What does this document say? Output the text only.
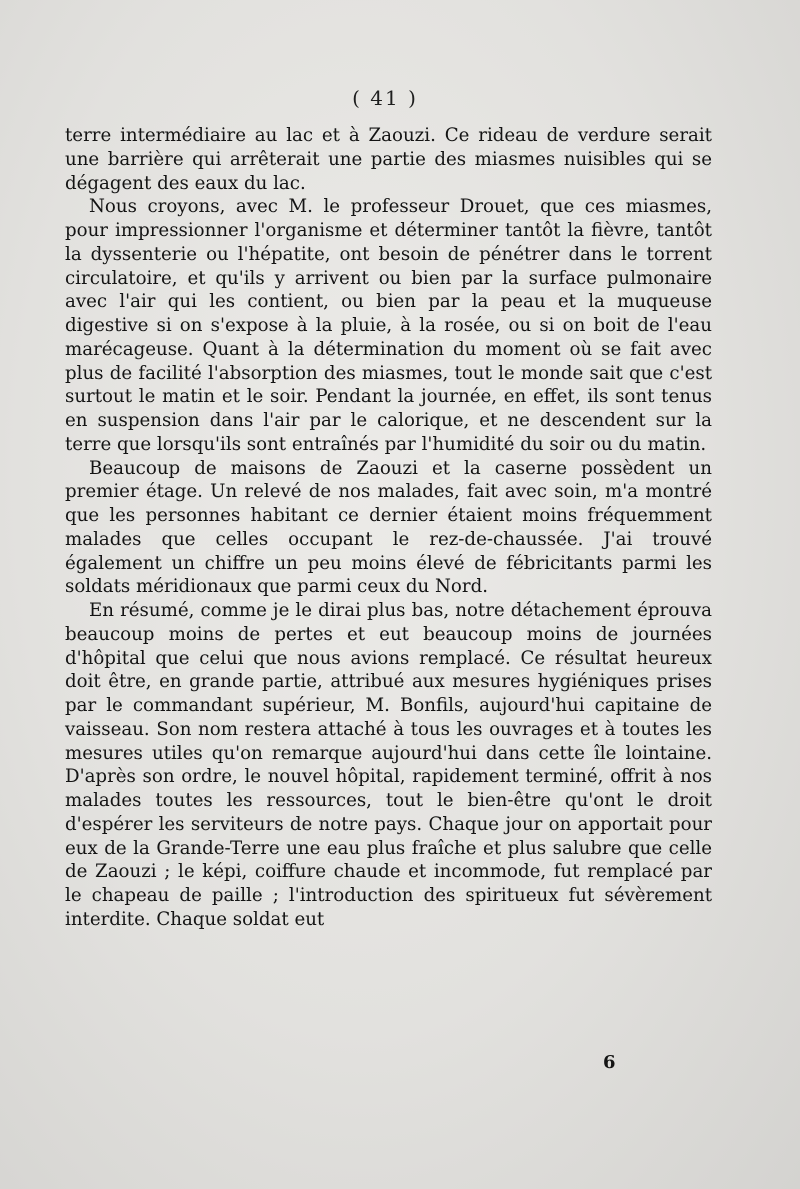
( 41 )

terre intermédiaire au lac et à Zaouzi. Ce rideau de verdure serait une barrière qui arrêterait une partie des miasmes nuisibles qui se dégagent des eaux du lac.

Nous croyons, avec M. le professeur Drouet, que ces miasmes, pour impressionner l'organisme et déterminer tantôt la fièvre, tantôt la dyssenterie ou l'hépatite, ont besoin de pénétrer dans le torrent circulatoire, et qu'ils y arrivent ou bien par la surface pulmonaire avec l'air qui les contient, ou bien par la peau et la muqueuse digestive si on s'expose à la pluie, à la rosée, ou si on boit de l'eau marécageuse. Quant à la détermination du moment où se fait avec plus de facilité l'absorption des miasmes, tout le monde sait que c'est surtout le matin et le soir. Pendant la journée, en effet, ils sont tenus en suspension dans l'air par le calorique, et ne descendent sur la terre que lorsqu'ils sont entraînés par l'humidité du soir ou du matin.

Beaucoup de maisons de Zaouzi et la caserne possèdent un premier étage. Un relevé de nos malades, fait avec soin, m'a montré que les personnes habitant ce dernier étaient moins fréquemment malades que celles occupant le rez-de-chaussée. J'ai trouvé également un chiffre un peu moins élevé de fébricitants parmi les soldats méridionaux que parmi ceux du Nord.

En résumé, comme je le dirai plus bas, notre détachement éprouva beaucoup moins de pertes et eut beaucoup moins de journées d'hôpital que celui que nous avions remplacé. Ce résultat heureux doit être, en grande partie, attribué aux mesures hygiéniques prises par le commandant supérieur, M. Bonfils, aujourd'hui capitaine de vaisseau. Son nom restera attaché à tous les ouvrages et à toutes les mesures utiles qu'on remarque aujourd'hui dans cette île lointaine. D'après son ordre, le nouvel hôpital, rapidement terminé, offrit à nos malades toutes les ressources, tout le bien-être qu'ont le droit d'espérer les serviteurs de notre pays. Chaque jour on apportait pour eux de la Grande-Terre une eau plus fraîche et plus salubre que celle de Zaouzi ; le képi, coiffure chaude et incommode, fut remplacé par le chapeau de paille ; l'introduction des spiritueux fut sévèrement interdite. Chaque soldat eut

6
